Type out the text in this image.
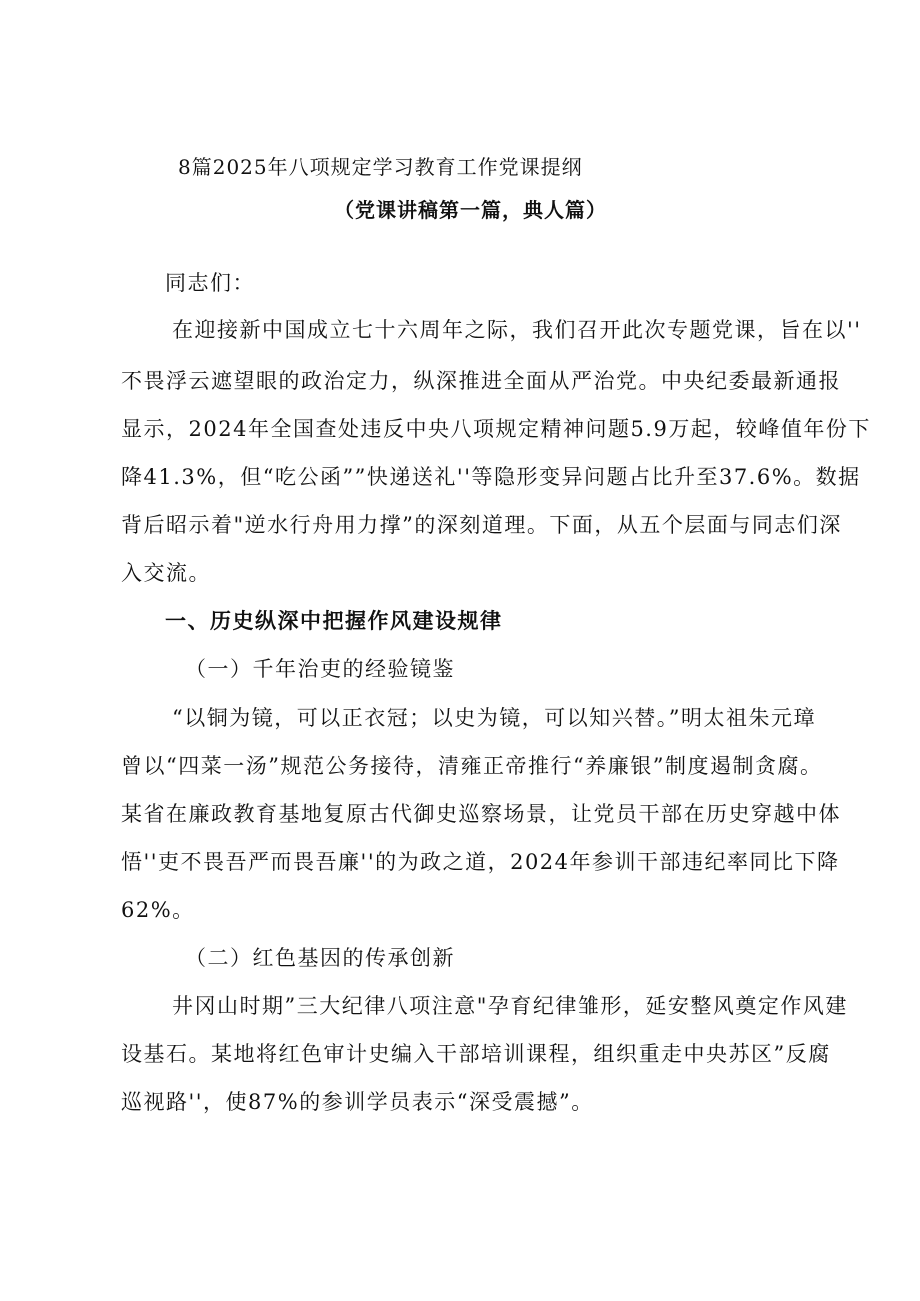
8篇2025年八项规定学习教育工作党课提纲
（党课讲稿第一篇，典人篇）
同志们：
在迎接新中国成立七十六周年之际，我们召开此次专题党课，旨在以''
不畏浮云遮望眼的政治定力，纵深推进全面从严治党。中央纪委最新通报
显示，2024年全国查处违反中央八项规定精神问题5.9万起，较峰值年份下
降41.3%，但“吃公函””快递送礼''等隐形变异问题占比升至37.6%。数据
背后昭示着"逆水行舟用力撑”的深刻道理。下面，从五个层面与同志们深
入交流。
一、历史纵深中把握作风建设规律
（一）千年治吏的经验镜鉴
“以铜为镜，可以正衣冠；以史为镜，可以知兴替。”明太祖朱元璋
曾以“四菜一汤”规范公务接待，清雍正帝推行“养廉银”制度遏制贪腐。
某省在廉政教育基地复原古代御史巡察场景，让党员干部在历史穿越中体
悟''吏不畏吾严而畏吾廉''的为政之道，2024年参训干部违纪率同比下降
62%。
（二）红色基因的传承创新
井冈山时期”三大纪律八项注意"孕育纪律雏形，延安整风奠定作风建
设基石。某地将红色审计史编入干部培训课程，组织重走中央苏区”反腐
巡视路''，使87%的参训学员表示“深受震撼”。
